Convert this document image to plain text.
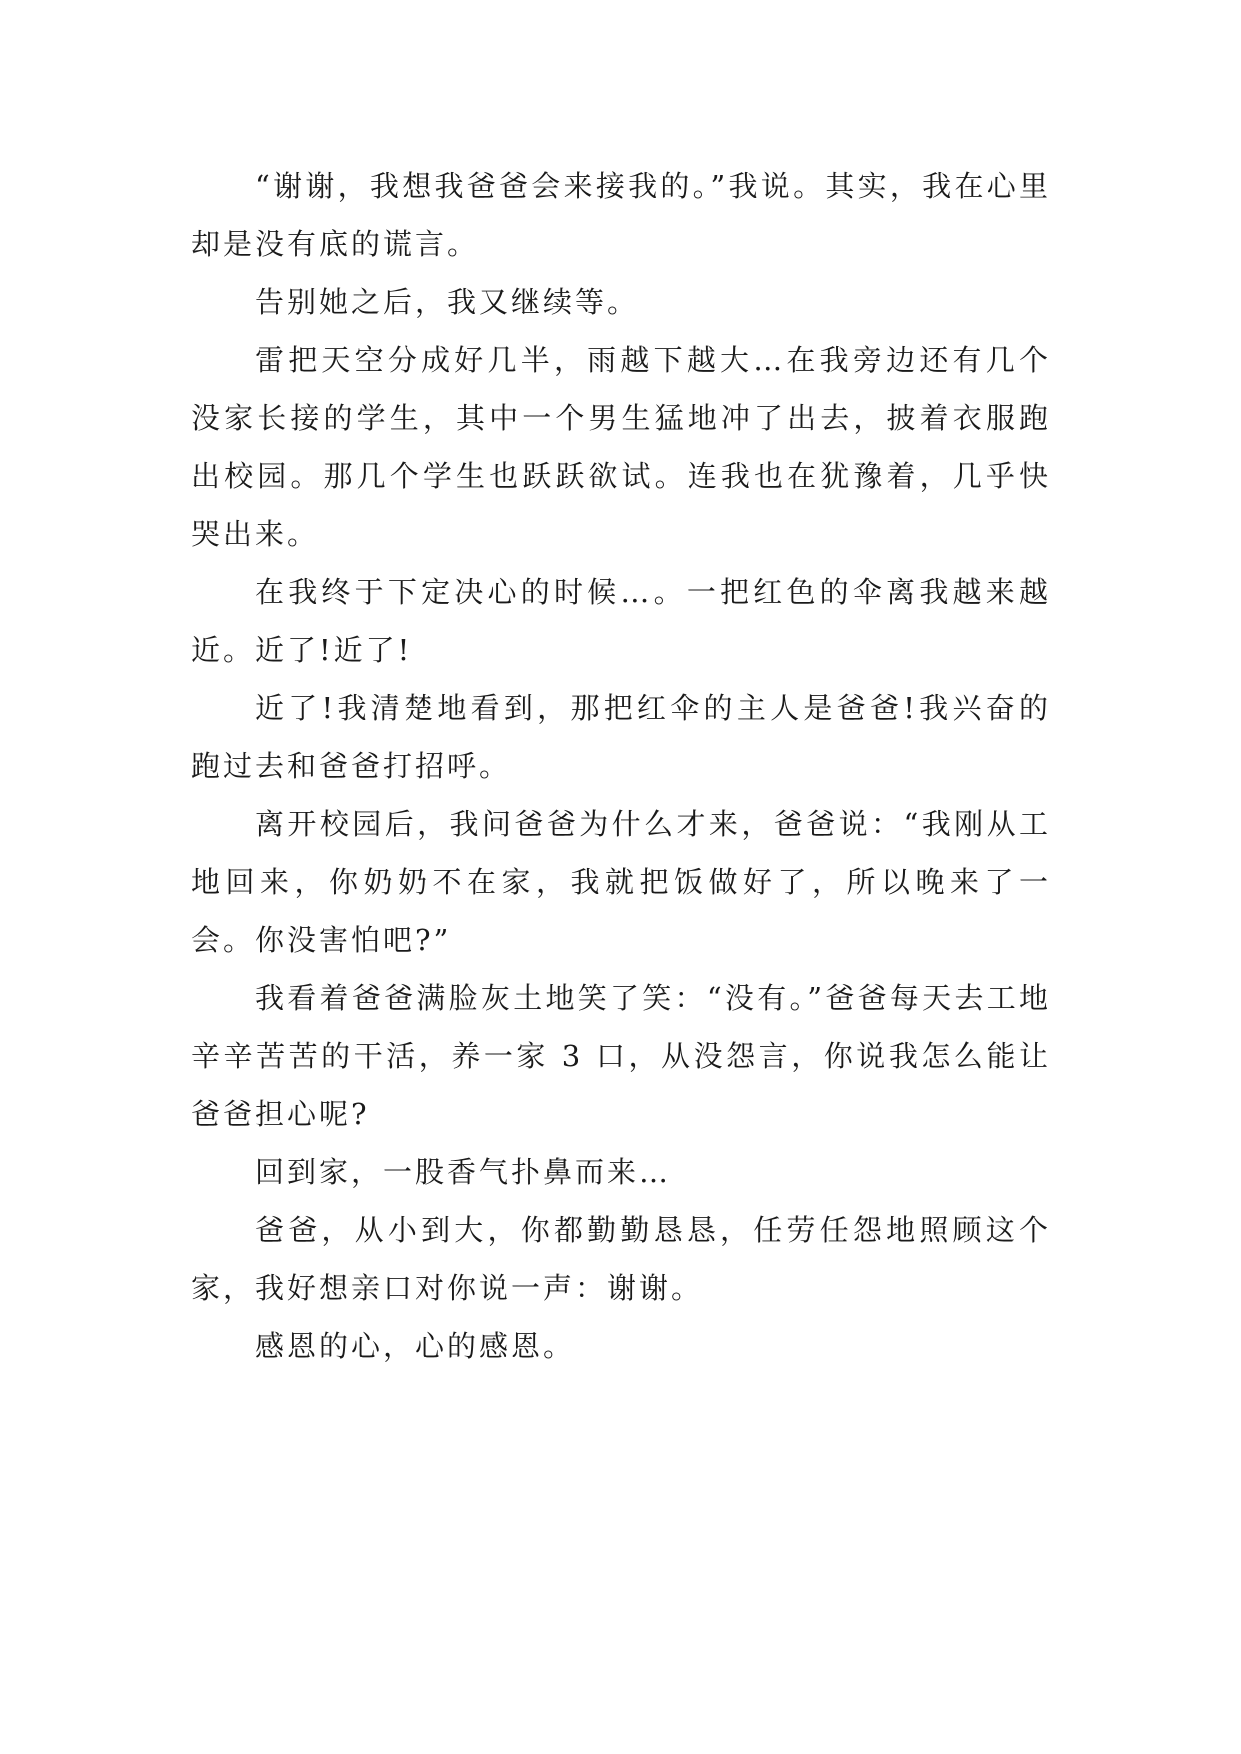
“谢谢，我想我爸爸会来接我的。”我说。其实，我在心里却是没有底的谎言。

告别她之后，我又继续等。

雷把天空分成好几半，雨越下越大…在我旁边还有几个没家长接的学生，其中一个男生猛地冲了出去，披着衣服跑出校园。那几个学生也跃跃欲试。连我也在犹豫着，几乎快哭出来。

在我终于下定决心的时候…。一把红色的伞离我越来越近。近了!近了!

近了!我清楚地看到，那把红伞的主人是爸爸!我兴奋的跑过去和爸爸打招呼。

离开校园后，我问爸爸为什么才来，爸爸说：“我刚从工地回来，你奶奶不在家，我就把饭做好了，所以晚来了一会。你没害怕吧?”

我看着爸爸满脸灰土地笑了笑：“没有。”爸爸每天去工地辛辛苦苦的干活，养一家 3 口，从没怨言，你说我怎么能让爸爸担心呢?

回到家，一股香气扑鼻而来…

爸爸，从小到大，你都勤勤恳恳，任劳任怨地照顾这个家，我好想亲口对你说一声：谢谢。

感恩的心，心的感恩。
